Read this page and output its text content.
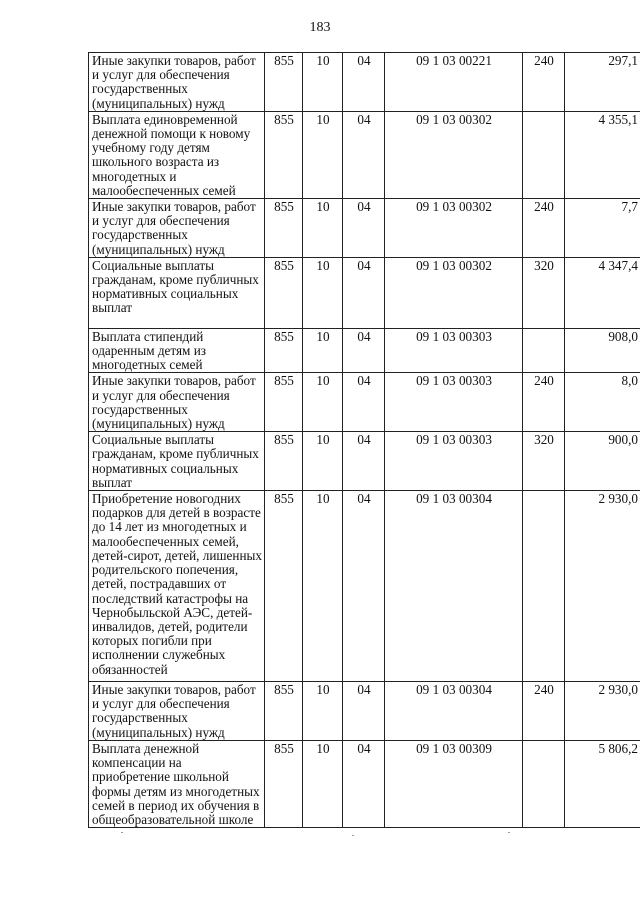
183
Иные закупки товаров, работ и услуг для обеспечения государственных (муниципальных) нужд	855	10	04	09 1 03 00221	240	297,1
Выплата единовременной денежной помощи к новому учебному году детям школьного возраста из многодетных и малообеспеченных семей	855	10	04	09 1 03 00302		4 355,1
Иные закупки товаров, работ и услуг для обеспечения государственных (муниципальных) нужд	855	10	04	09 1 03 00302	240	7,7
Социальные выплаты гражданам, кроме публичных нормативных социальных выплат	855	10	04	09 1 03 00302	320	4 347,4
Выплата стипендий одаренным детям из многодетных семей	855	10	04	09 1 03 00303		908,0
Иные закупки товаров, работ и услуг для обеспечения государственных (муниципальных) нужд	855	10	04	09 1 03 00303	240	8,0
Социальные выплаты гражданам, кроме публичных нормативных социальных выплат	855	10	04	09 1 03 00303	320	900,0
Приобретение новогодних подарков для детей в возрасте до 14 лет из многодетных и малообеспеченных семей, детей-сирот, детей, лишенных родительского попечения, детей, пострадавших от последствий катастрофы на Чернобыльской АЭС, детей-инвалидов, детей, родители которых погибли при исполнении служебных обязанностей	855	10	04	09 1 03 00304		2 930,0
Иные закупки товаров, работ и услуг для обеспечения государственных (муниципальных) нужд	855	10	04	09 1 03 00304	240	2 930,0
Выплата денежной компенсации на приобретение школьной формы детям из многодетных семей в период их обучения в общеобразовательной школе	855	10	04	09 1 03 00309		5 806,2
